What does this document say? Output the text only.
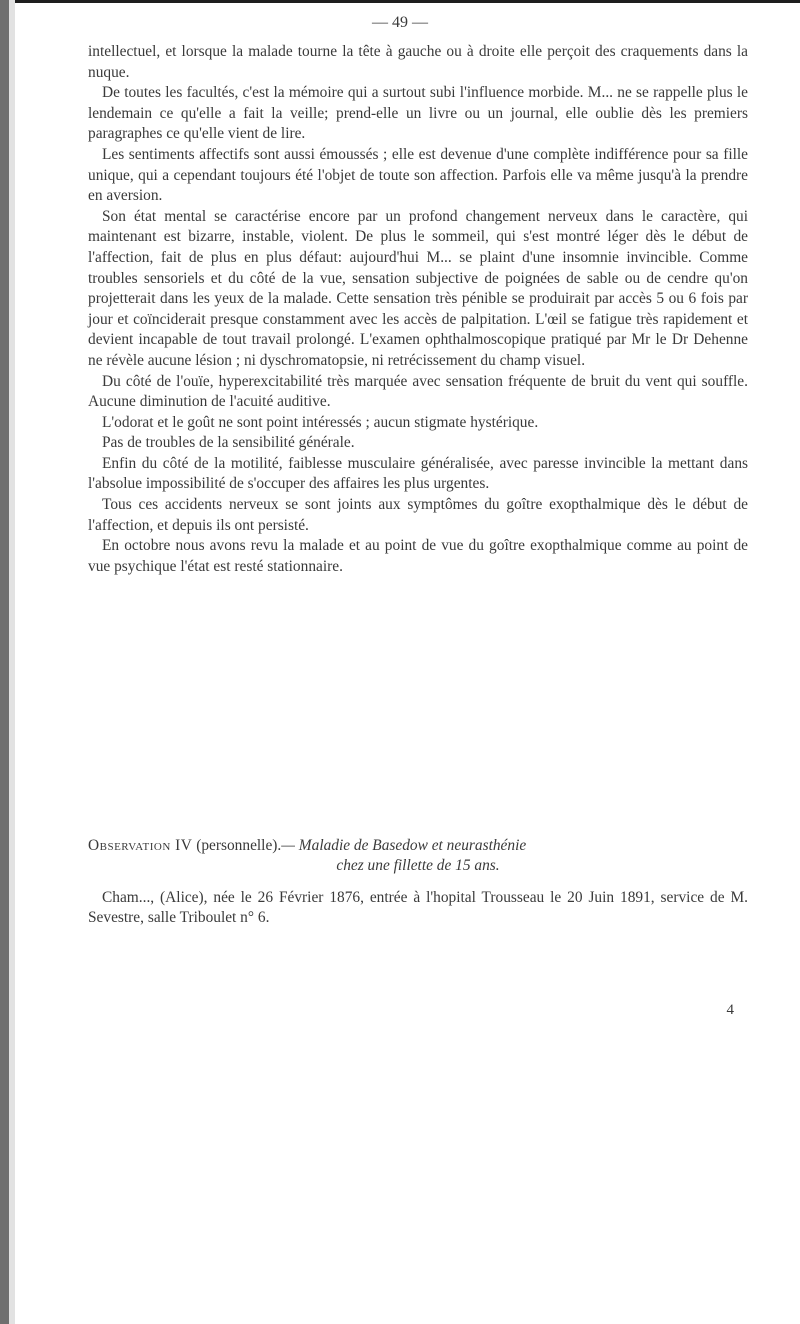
— 49 —

intellectuel, et lorsque la malade tourne la tête à gauche ou à droite elle perçoit des craquements dans la nuque.

De toutes les facultés, c'est la mémoire qui a surtout subi l'influence morbide. M... ne se rappelle plus le lendemain ce qu'elle a fait la veille; prend-elle un livre ou un journal, elle oublie dès les premiers paragraphes ce qu'elle vient de lire.

Les sentiments affectifs sont aussi émoussés ; elle est devenue d'une complète indifférence pour sa fille unique, qui a cependant toujours été l'objet de toute son affection. Parfois elle va même jusqu'à la prendre en aversion.

Son état mental se caractérise encore par un profond changement nerveux dans le caractère, qui maintenant est bizarre, instable, violent. De plus le sommeil, qui s'est montré léger dès le début de l'affection, fait de plus en plus défaut: aujourd'hui M... se plaint d'une insomnie invincible. Comme troubles sensoriels et du côté de la vue, sensation subjective de poignées de sable ou de cendre qu'on projetterait dans les yeux de la malade. Cette sensation très pénible se produirait par accès 5 ou 6 fois par jour et coïnciderait presque constamment avec les accès de palpitation. L'œil se fatigue très rapidement et devient incapable de tout travail prolongé. L'examen ophthalmoscopique pratiqué par Mr le Dr Dehenne ne révèle aucune lésion ; ni dyschromatopsie, ni retrécissement du champ visuel.

Du côté de l'ouïe, hyperexcitabilité très marquée avec sensation fréquente de bruit du vent qui souffle. Aucune diminution de l'acuité auditive.

L'odorat et le goût ne sont point intéressés ; aucun stigmate hystérique.

Pas de troubles de la sensibilité générale.

Enfin du côté de la motilité, faiblesse musculaire généralisée, avec paresse invincible la mettant dans l'absolue impossibilité de s'occuper des affaires les plus urgentes.

Tous ces accidents nerveux se sont joints aux symptômes du goître exopthalmique dès le début de l'affection, et depuis ils ont persisté.

En octobre nous avons revu la malade et au point de vue du goître exopthalmique comme au point de vue psychique l'état est resté stationnaire.

Observation IV (personnelle).— Maladie de Basedow et neurasthénie

chez une fillette de 15 ans.

Cham..., (Alice), née le 26 Février 1876, entrée à l'hopital Trousseau le 20 Juin 1891, service de M. Sevestre, salle Triboulet n° 6.

4
